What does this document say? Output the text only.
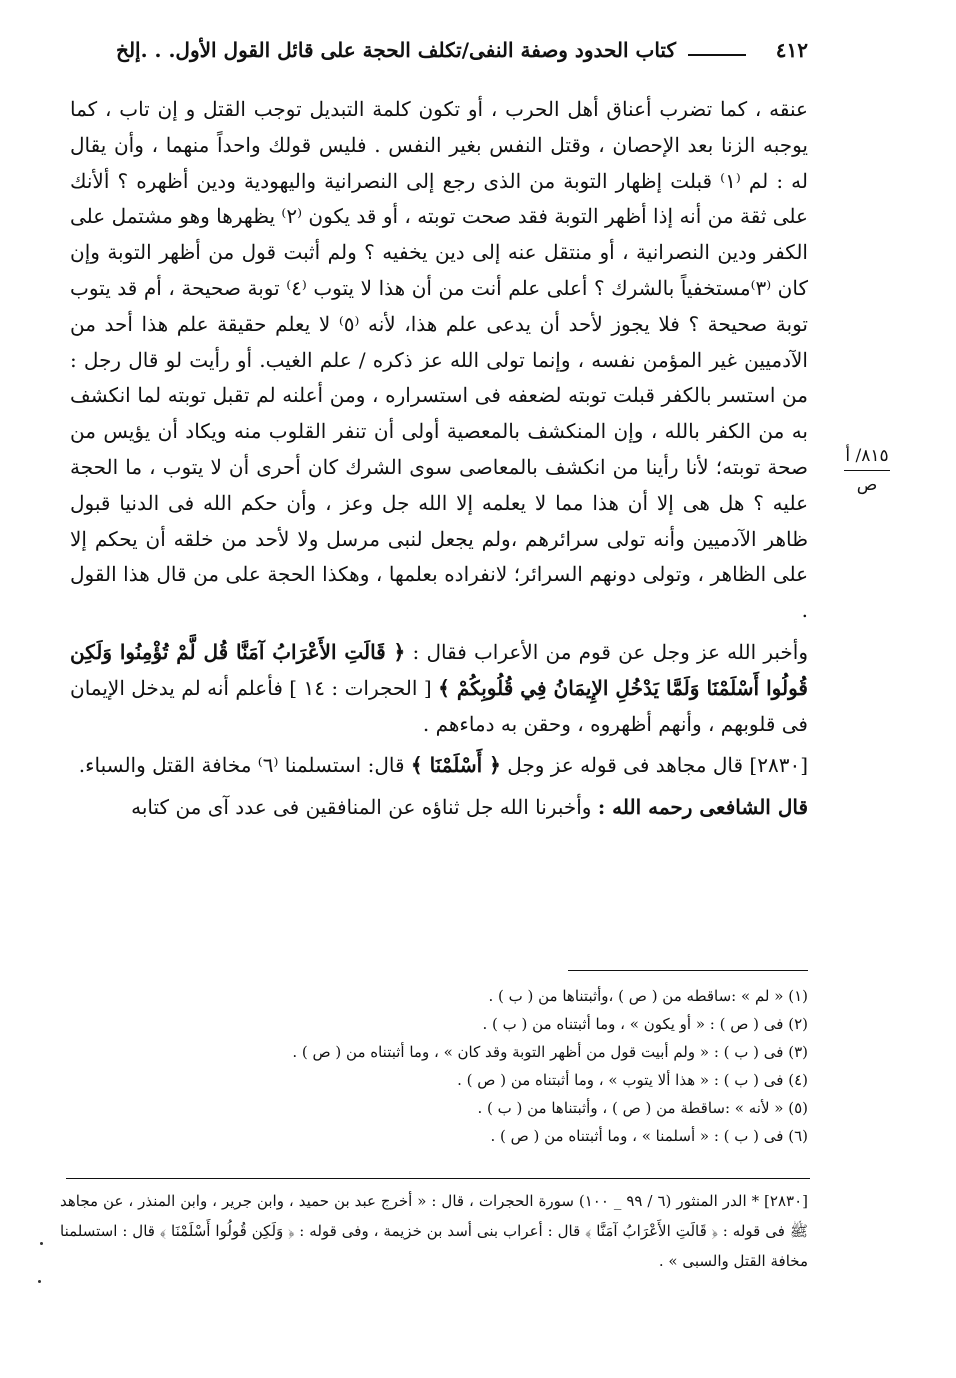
٤١٢
كتاب الحدود وصفة النفى/تكلف الحجة على قائل القول الأول. . .إلخ
٨١٥/ أ
ص

عنقه ، كما تضرب أعناق أهل الحرب ، أو تكون كلمة التبديل توجب القتل و إن تاب ، كما يوجبه الزنا بعد الإحصان ، وقتل النفس بغير النفس . فليس قولك واحداً منهما ، وأن يقال له : لم ⁽١⁾ قبلت إظهار التوبة من الذى رجع إلى النصرانية واليهودية ودين أظهره ؟ ألأنك على ثقة من أنه إذا أظهر التوبة فقد صحت توبته ، أو قد يكون ⁽٢⁾ يظهرها وهو مشتمل على الكفر ودين النصرانية ، أو منتقل عنه إلى دين يخفيه ؟ ولم أثبت قول من أظهر التوبة وإن كان ⁽٣⁾مستخفياً بالشرك ؟ أعلى علم أنت من أن هذا لا يتوب ⁽٤⁾ توبة صحيحة ، أم قد يتوب توبة صحيحة ؟ فلا يجوز لأحد أن يدعى علم هذا، لأنه ⁽٥⁾ لا يعلم حقيقة علم هذا أحد من الآدميين غير المؤمن نفسه ، وإنما تولى الله عز ذكره / علم الغيب. أو رأيت لو قال رجل : من استسر بالكفر قبلت توبته لضعفه فى استسراره ، ومن أعلنه لم تقبل توبته لما انكشف به من الكفر بالله ، وإن المنكشف بالمعصية أولى أن تنفر القلوب منه ويكاد أن يؤيس من صحة توبته؛ لأنا رأينا من انكشف بالمعاصى سوى الشرك كان أحرى أن لا يتوب ، ما الحجة عليه ؟ هل هى إلا أن هذا مما لا يعلمه إلا الله جل وعز ، وأن حكم الله فى الدنيا قبول ظاهر الآدميين وأنه تولى سرائرهم ،ولم يجعل لنبى مرسل ولا لأحد من خلقه أن يحكم إلا على الظاهر ، وتولى دونهم السرائر؛ لانفراده بعلمها ، وهكذا الحجة على من قال هذا القول .

وأخبر الله عز وجل عن قوم من الأعراب فقال : ﴿ قَالَتِ الأَعْرَابُ آمَنَّا قُل لَّمْ تُؤْمِنُوا وَلَكِن قُولُوا أَسْلَمْنَا وَلَمَّا يَدْخُلِ الإِيمَانُ فِي قُلُوبِكُمْ ﴾ [ الحجرات : ١٤ ] فأعلم أنه لم يدخل الإيمان فى قلوبهم ، وأنهم أظهروه ، وحقن به دماءهم .

[٢٨٣٠] قال مجاهد فى قوله عز وجل ﴿ أَسْلَمْنَا ﴾ قال: استسلمنا ⁽٦⁾ مخافة القتل والسباء.

قال الشافعى رحمه الله : وأخبرنا الله جل ثناؤه عن المنافقين فى عدد آى من كتابه

(١) « لم » :ساقطه من ( ص ) ،وأثبتناها من ( ب ) .
(٢) فى ( ص ) : « أو يكون » ، وما أثبتناه من ( ب ) .
(٣) فى ( ب ) : « ولم أبيت قول من أظهر التوبة وقد كان » ، وما أثبتناه من ( ص ) .
(٤) فى ( ب ) : « هذا ألا يتوب » ، وما أثبتناه من ( ص ) .
(٥) « لأنه » :ساقطة من ( ص ) ، وأثبتناها من ( ب ) .
(٦) فى ( ب ) : « أسلمنا » ، وما أثبتناه من ( ص ) .

[٢٨٣٠] * الدر المنثور (٦ / ٩٩ _ ١٠٠) سورة الحجرات ، قال : « أخرج عبد بن حميد ، وابن جرير ، وابن المنذر ، عن مجاهد ﷺ فى قوله : ﴿ قَالَتِ الأَعْرَابُ آمَنَّا ﴾ قال : أعراب بنى أسد بن خزيمة ، وفى قوله : ﴿ وَلَكِن قُولُوا أَسْلَمْنَا ﴾ قال : استسلمنا مخافة القتل والسبى » .
